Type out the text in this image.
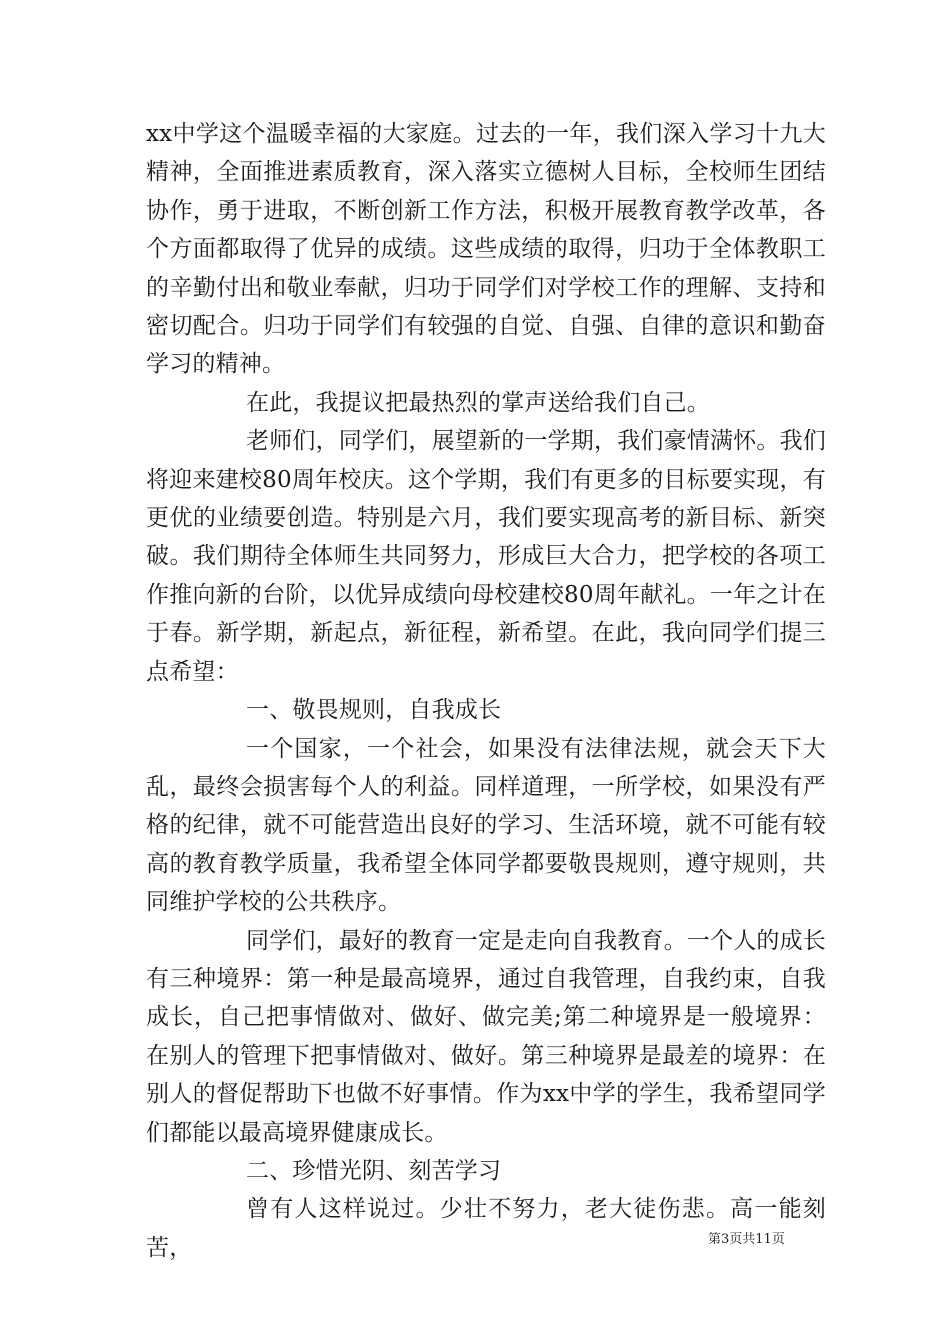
xx中学这个温暖幸福的大家庭。过去的一年，我们深入学习十九大精神，全面推进素质教育，深入落实立德树人目标，全校师生团结协作，勇于进取，不断创新工作方法，积极开展教育教学改革，各个方面都取得了优异的成绩。这些成绩的取得，归功于全体教职工的辛勤付出和敬业奉献，归功于同学们对学校工作的理解、支持和密切配合。归功于同学们有较强的自觉、自强、自律的意识和勤奋学习的精神。

在此，我提议把最热烈的掌声送给我们自己。

老师们，同学们，展望新的一学期，我们豪情满怀。我们将迎来建校80周年校庆。这个学期，我们有更多的目标要实现，有更优的业绩要创造。特别是六月，我们要实现高考的新目标、新突破。我们期待全体师生共同努力，形成巨大合力，把学校的各项工作推向新的台阶，以优异成绩向母校建校80周年献礼。一年之计在于春。新学期，新起点，新征程，新希望。在此，我向同学们提三点希望：

一、敬畏规则，自我成长

一个国家，一个社会，如果没有法律法规，就会天下大乱，最终会损害每个人的利益。同样道理，一所学校，如果没有严格的纪律，就不可能营造出良好的学习、生活环境，就不可能有较高的教育教学质量，我希望全体同学都要敬畏规则，遵守规则，共同维护学校的公共秩序。

同学们，最好的教育一定是走向自我教育。一个人的成长有三种境界：第一种是最高境界，通过自我管理，自我约束，自我成长，自己把事情做对、做好、做完美;第二种境界是一般境界：在别人的管理下把事情做对、做好。第三种境界是最差的境界：在别人的督促帮助下也做不好事情。作为xx中学的学生，我希望同学们都能以最高境界健康成长。

二、珍惜光阴、刻苦学习

曾有人这样说过。少壮不努力，老大徒伤悲。高一能刻苦，	第3页共11页
